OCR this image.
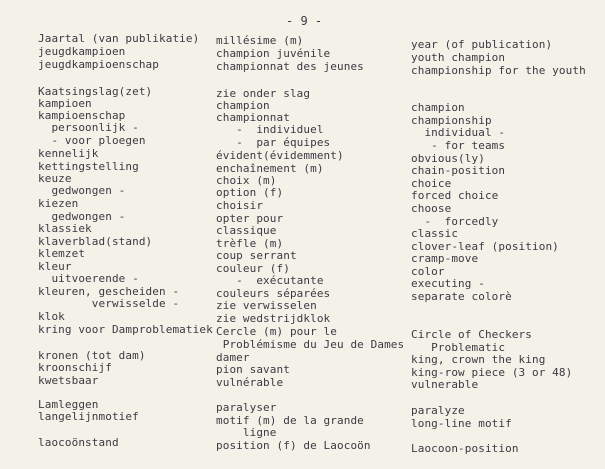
- 9 -
Jaartal (van publikatie)
jeugdkampioen
jeugdkampioenschap
Kaatsingslag(zet)
kampioen
kampioenschap
persoonlijk -
- voor ploegen
kennelijk
kettingstelling
keuze
gedwongen -
kiezen
gedwongen -
klassiek
klaverblad(stand)
klemzet
kleur
uitvoerende -
kleuren, gescheiden -
verwisselde -
klok
kring voor Damproblematiek
kronen (tot dam)
kroonschijf
kwetsbaar
Lamleggen
langelijnmotief
laocoönstand
millésime (m)
champion juvénile
championnat des jeunes
zie onder slag
champion
championnat
-  individuel
-  par équipes
évident(évidemment)
enchaînement (m)
choix (m)
option (f)
choisir
opter pour
classique
trèfle (m)
coup serrant
couleur (f)
-  exécutante
couleurs séparées
zie verwisselen
zie wedstrijdklok
Cercle (m) pour le
Problémisme du Jeu de Dames
damer
pion savant
vulnérable
paralyser
motif (m) de la grande
ligne
position (f) de Laocoön
year (of publication)
youth champion
championship for the youth
champion
championship
individual -
- for teams
obvious(ly)
chain-position
choice
forced choice
choose
-  forcedly
classic
clover-leaf (position)
cramp-move
color
executing -
separate colorè
Circle of Checkers
Problematic
king, crown the king
king-row piece (3 or 48)
vulnerable
paralyze
long-line motif
Laocoon-position
